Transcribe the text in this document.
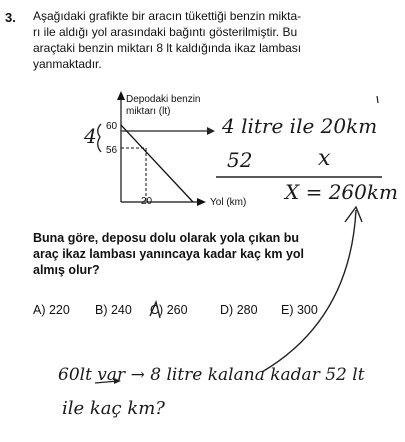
3. Aşağıdaki grafikte bir aracın tükettiği benzin mikta-
rı ile aldığı yol arasındaki bağıntı gösterilmiştir. Bu
araçtaki benzin miktarı 8 lt kaldığında ikaz lambası
yanmaktadır.
Depodaki benzin
miktarı (lt)
60
56
20	Yol (km)
4	4 litre ile 20km
52	x
X = 260km
Buna göre, deposu dolu olarak yola çıkan bu
araç ikaz lambası yanıncaya kadar kaç km yol
almış olur?
A) 220 B) 240 C) 260	D) 280 E) 300
60lt var → 8 litre kalana kadar 52 lt
ile kaç km?
